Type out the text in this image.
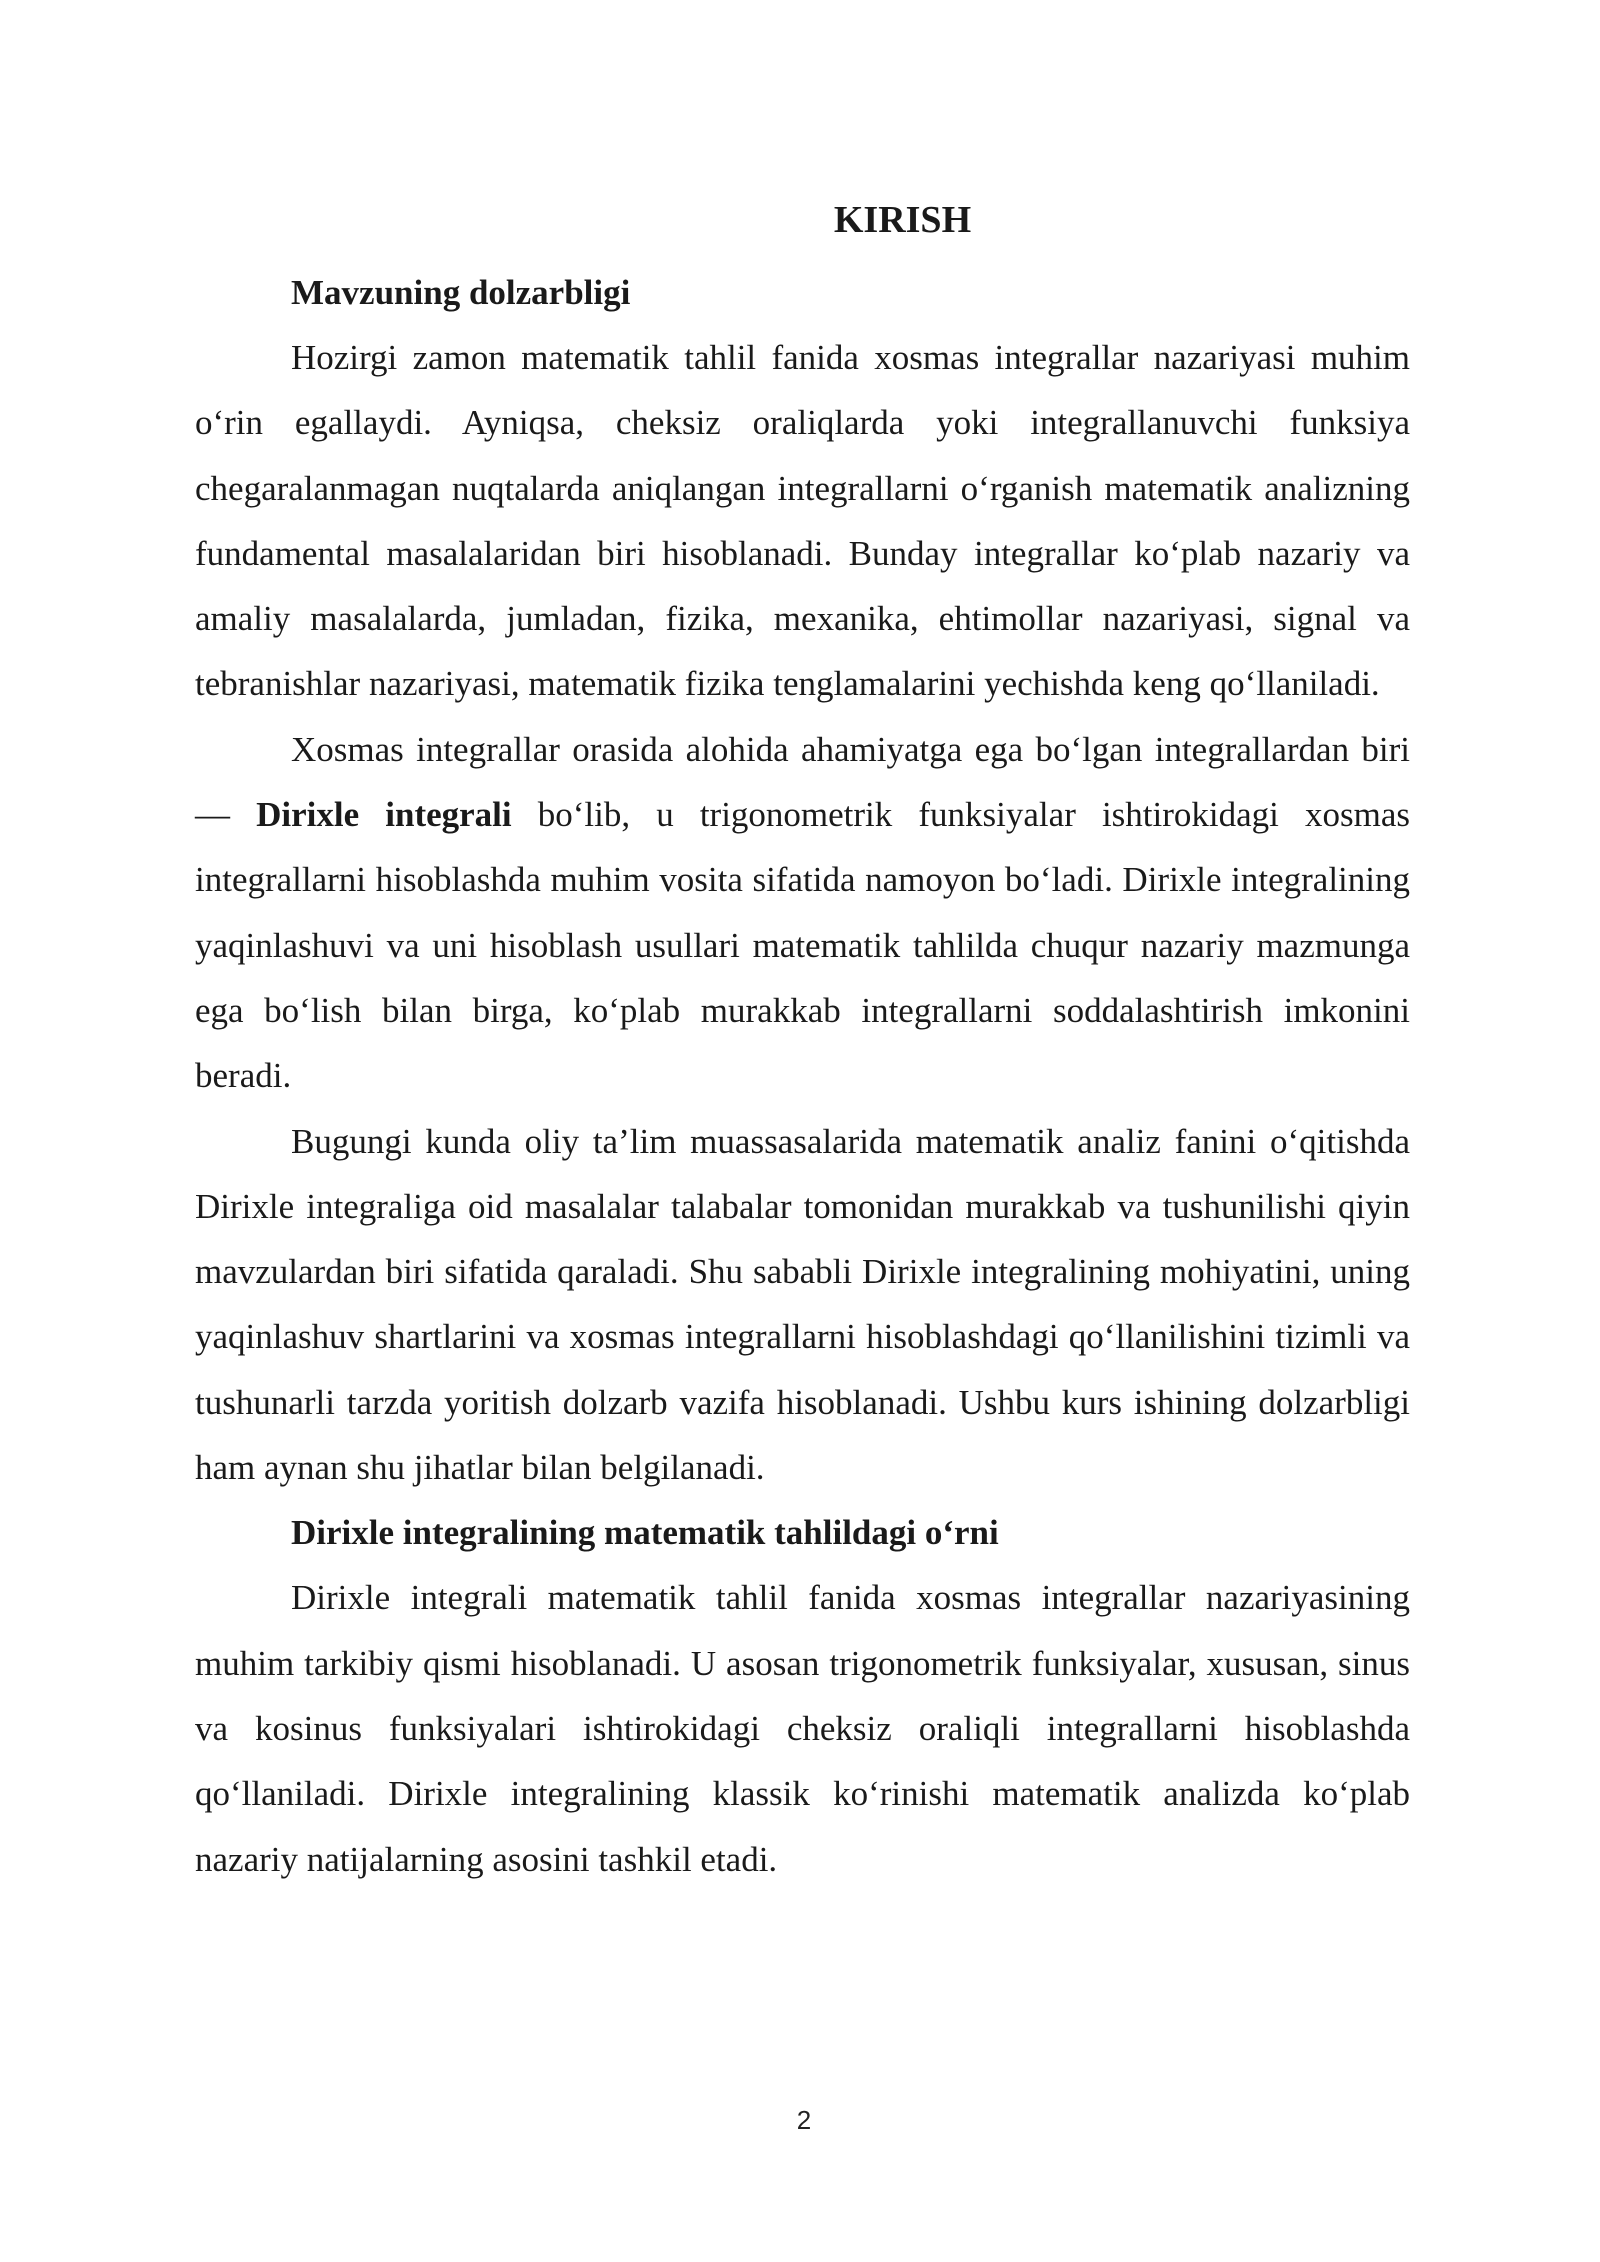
KIRISH
Mavzuning dolzarbligi

Hozirgi zamon matematik tahlil fanida xosmas integrallar nazariyasi muhim o‘rin egallaydi. Ayniqsa, cheksiz oraliqlarda yoki integrallanuvchi funksiya chegaralanmagan nuqtalarda aniqlangan integrallarni o‘rganish matematik analizning fundamental masalalaridan biri hisoblanadi. Bunday integrallar ko‘plab nazariy va amaliy masalalarda, jumladan, fizika, mexanika, ehtimollar nazariyasi, signal va tebranishlar nazariyasi, matematik fizika tenglamalarini yechishda keng qo‘llaniladi.

Xosmas integrallar orasida alohida ahamiyatga ega bo‘lgan integrallardan biri — Dirixle integrali bo‘lib, u trigonometrik funksiyalar ishtirokidagi xosmas integrallarni hisoblashda muhim vosita sifatida namoyon bo‘ladi. Dirixle integralining yaqinlashuvi va uni hisoblash usullari matematik tahlilda chuqur nazariy mazmunga ega bo‘lish bilan birga, ko‘plab murakkab integrallarni soddalashtirish imkonini beradi.

Bugungi kunda oliy ta’lim muassasalarida matematik analiz fanini o‘qitishda Dirixle integraliga oid masalalar talabalar tomonidan murakkab va tushunilishi qiyin mavzulardan biri sifatida qaraladi. Shu sababli Dirixle integralining mohiyatini, uning yaqinlashuv shartlarini va xosmas integrallarni hisoblashdagi qo‘llanilishini tizimli va tushunarli tarzda yoritish dolzarb vazifa hisoblanadi. Ushbu kurs ishining dolzarbligi ham aynan shu jihatlar bilan belgilanadi.

Dirixle integralining matematik tahlildagi o‘rni

Dirixle integrali matematik tahlil fanida xosmas integrallar nazariyasining muhim tarkibiy qismi hisoblanadi. U asosan trigonometrik funksiyalar, xususan, sinus va kosinus funksiyalari ishtirokidagi cheksiz oraliqli integrallarni hisoblashda qo‘llaniladi. Dirixle integralining klassik ko‘rinishi matematik analizda ko‘plab nazariy natijalarning asosini tashkil etadi.

2
